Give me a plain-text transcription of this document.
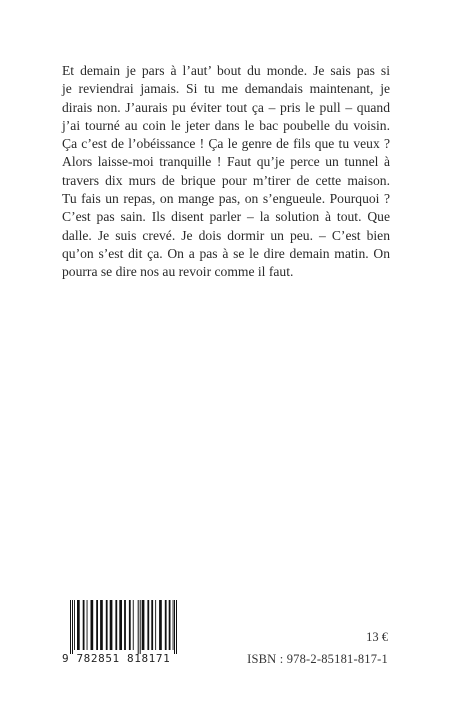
Et demain je pars à l’aut’ bout du monde. Je sais pas si
je reviendrai jamais. Si tu me demandais maintenant, je
dirais non. J’aurais pu éviter tout ça – pris le pull – quand
j’ai tourné au coin le jeter dans le bac poubelle du voisin.
Ça c’est de l’obéissance ! Ça le genre de fils que tu veux ?
Alors laisse-moi tranquille ! Faut qu’je perce un tunnel à
travers dix murs de brique pour m’tirer de cette maison.
Tu fais un repas, on mange pas, on s’engueule. Pourquoi ?
C’est pas sain. Ils disent parler – la solution à tout. Que
dalle. Je suis crevé. Je dois dormir un peu. – C’est bien
qu’on s’est dit ça. On a pas à se le dire demain matin. On
pourra se dire nos au revoir comme il faut.
9 782851 818171
13 €
ISBN : 978-2-85181-817-1
